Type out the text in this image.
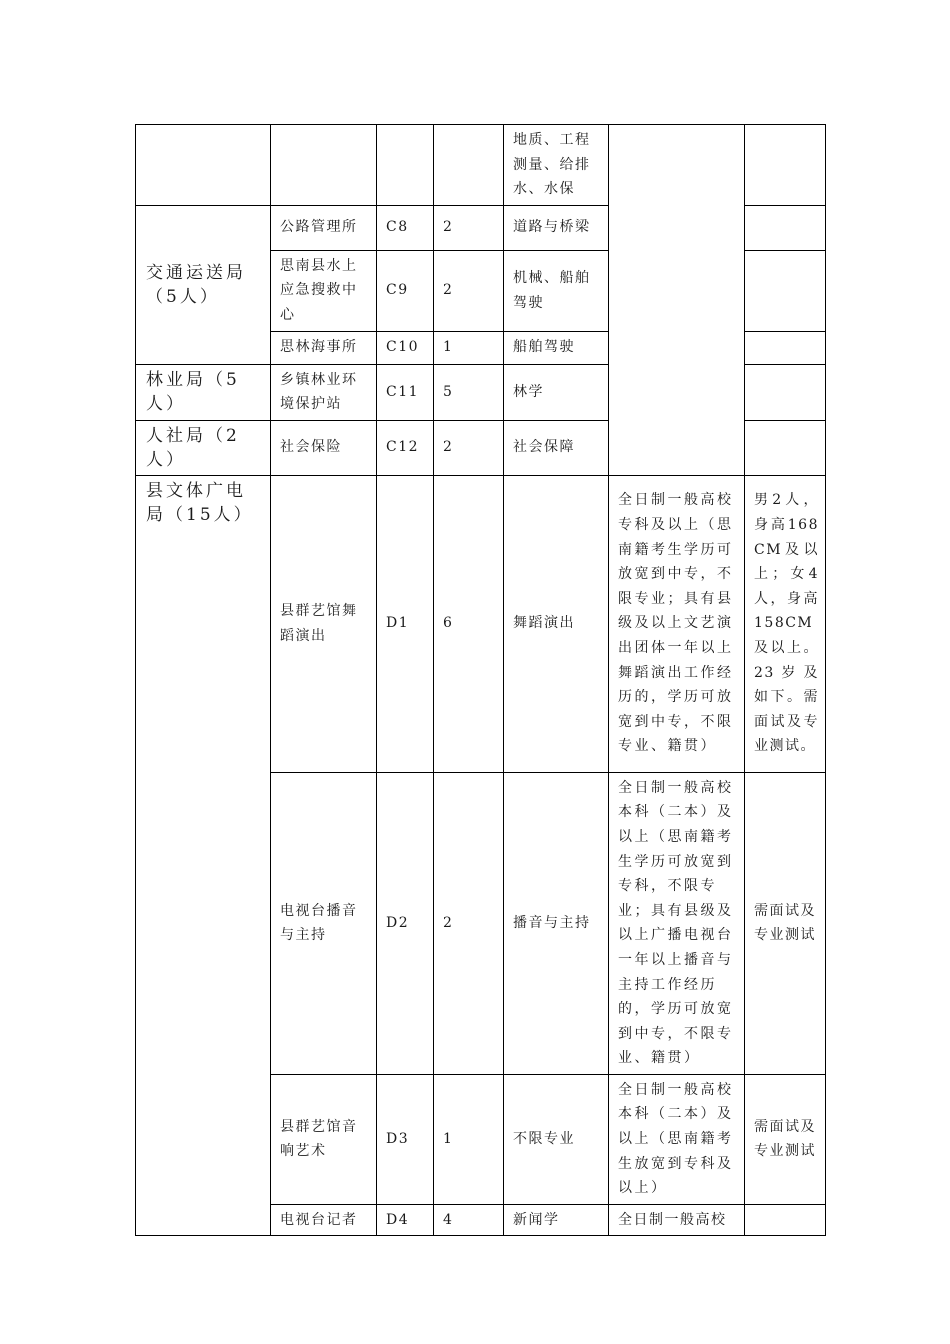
				地质、工程测量、给排水、水保		
交通运送局（5人）	公路管理所	C8	2	道路与桥梁		
	思南县水上应急搜救中心	C9	2	机械、船舶驾驶		
	思林海事所	C10	1	船舶驾驶		
林业局（5人）	乡镇林业环境保护站	C11	5	林学		
人社局（2人）	社会保险	C12	2	社会保障		
县文体广电局（15人）	县群艺馆舞蹈演出	D1	6	舞蹈演出	全日制一般高校专科及以上（思南籍考生学历可放宽到中专，不限专业；具有县级及以上文艺演出团体一年以上舞蹈演出工作经历的，学历可放宽到中专，不限专业、籍贯）	男2人，身高168CM及以上；女4人，身高158CM及以上。23岁及如下。需面试及专业测试。
	电视台播音与主持	D2	2	播音与主持	全日制一般高校本科（二本）及以上（思南籍考生学历可放宽到专科，不限专业；具有县级及以上广播电视台一年以上播音与主持工作经历的，学历可放宽到中专，不限专业、籍贯）	需面试及专业测试
	县群艺馆音响艺术	D3	1	不限专业	全日制一般高校本科（二本）及以上（思南籍考生放宽到专科及以上）	需面试及专业测试
	电视台记者	D4	4	新闻学	全日制一般高校	
